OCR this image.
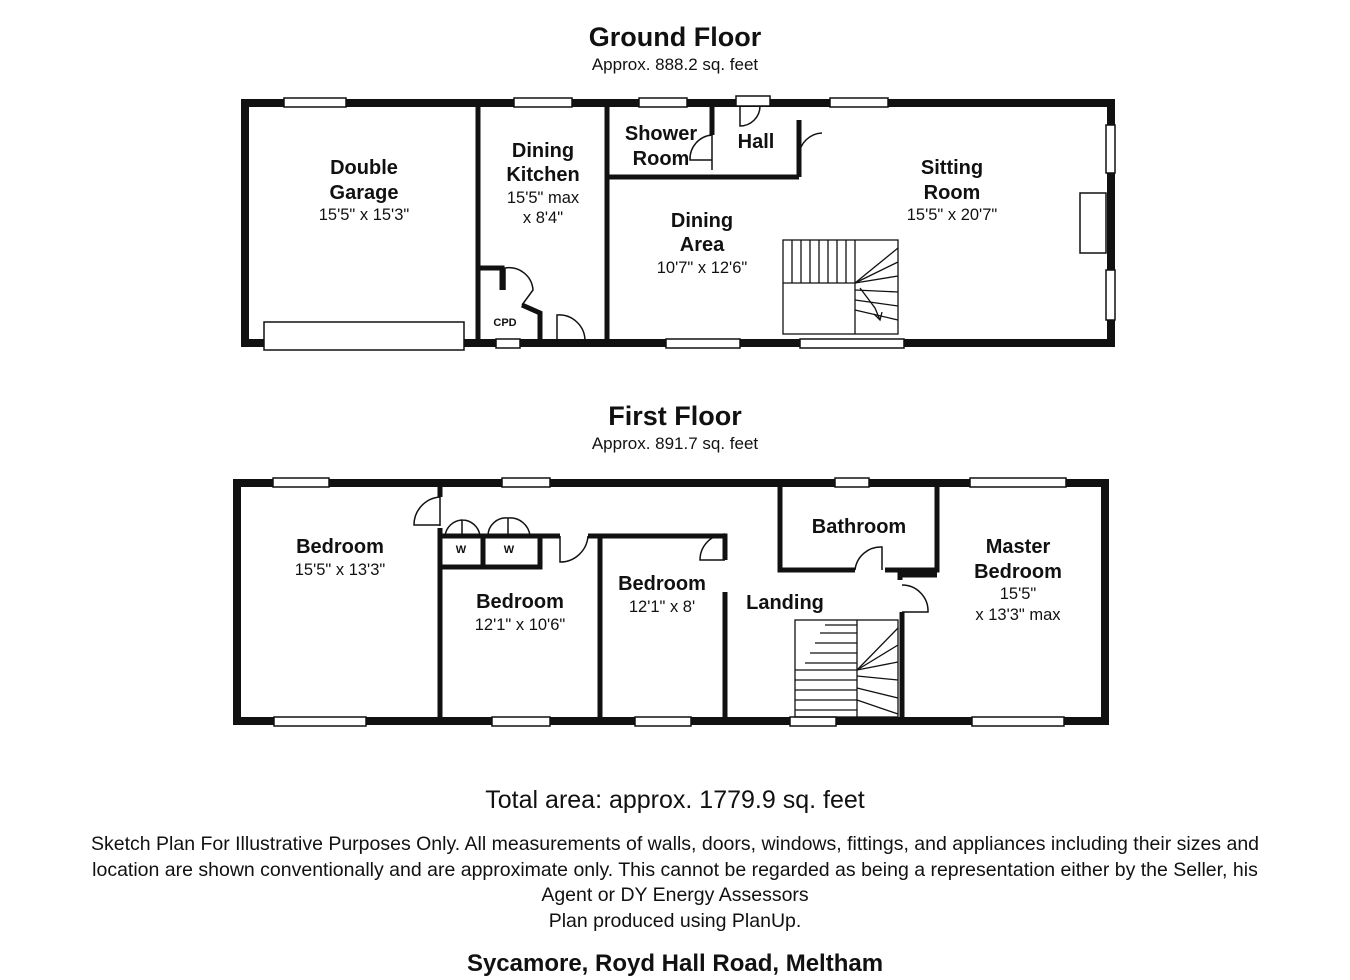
Ground Floor
Approx. 888.2 sq. feet
First Floor
Approx. 891.7 sq. feet
Double
Garage
15'5" x 15'3"
Dining
Kitchen
15'5" max
x 8'4"
CPD
Shower
Room
Hall
Dining
Area
10'7" x 12'6"
Sitting
Room
15'5" x 20'7"
Bedroom
15'5" x 13'3"
W	W
Bedroom
12'1" x 10'6"
Bedroom
12'1" x 8'	Landing
Bathroom
Master
Bedroom
15'5"
x 13'3" max
Total area: approx. 1779.9 sq. feet
Sketch Plan For Illustrative Purposes Only. All measurements of walls, doors, windows, fittings, and appliances including their sizes and
location are shown conventionally and are approximate only. This cannot be regarded as being a representation either by the Seller, his
Agent or DY Energy Assessors
Plan produced using PlanUp.
Sycamore, Royd Hall Road, Meltham
